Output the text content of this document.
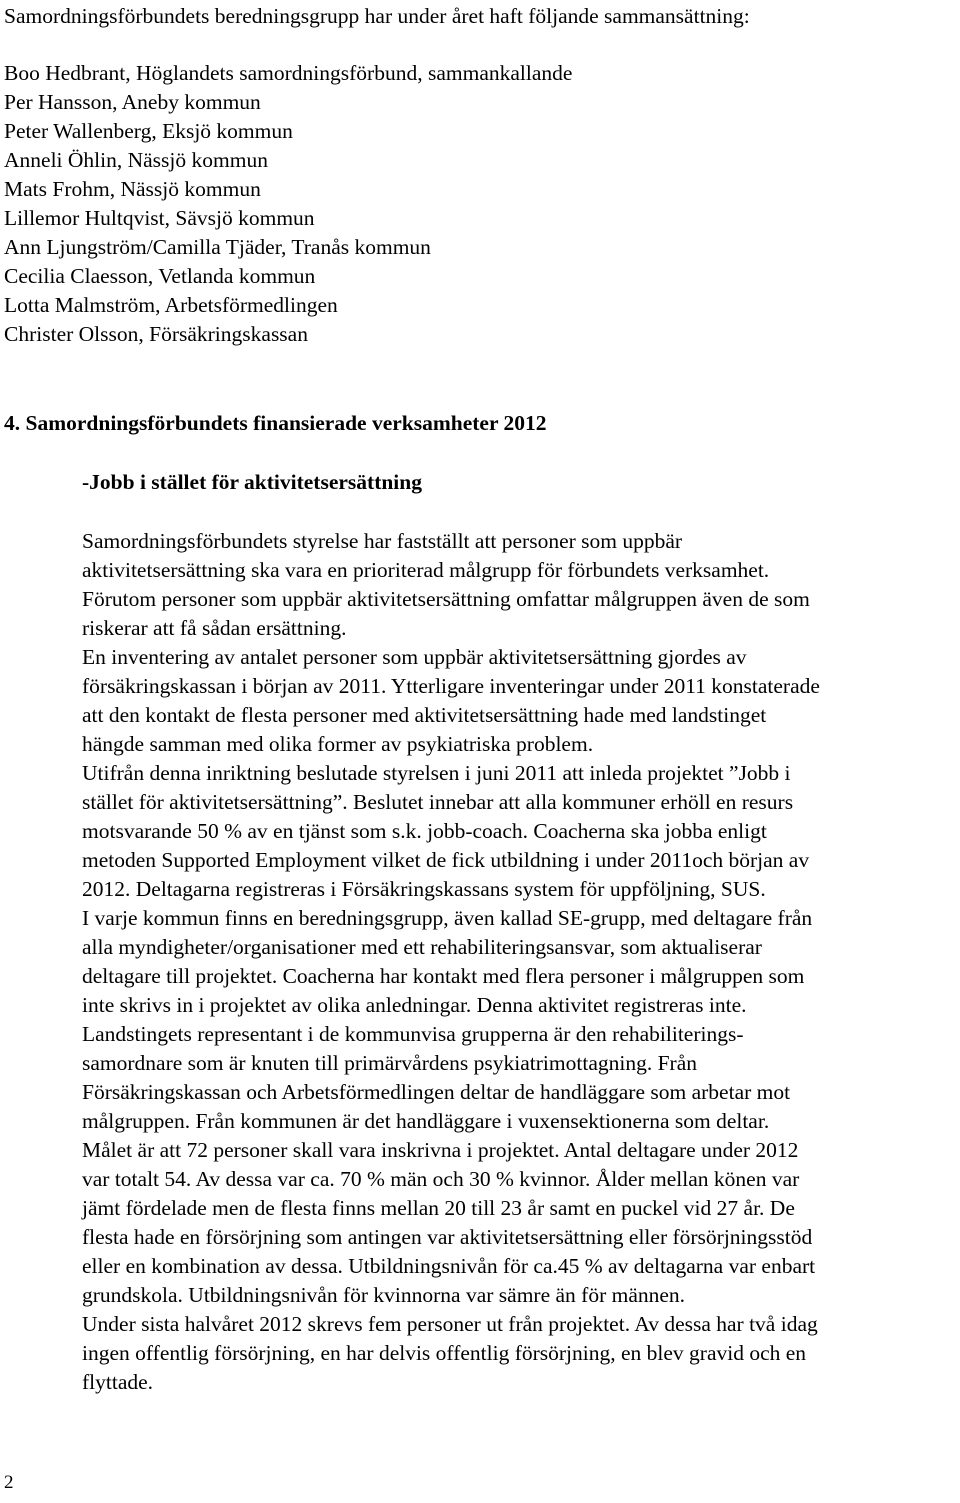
Samordningsförbundets beredningsgrupp har under året haft följande sammansättning:
Boo Hedbrant, Höglandets samordningsförbund, sammankallande
Per Hansson, Aneby kommun
Peter Wallenberg, Eksjö kommun
Anneli Öhlin, Nässjö kommun
Mats Frohm, Nässjö kommun
Lillemor Hultqvist, Sävsjö kommun
Ann Ljungström/Camilla Tjäder, Tranås kommun
Cecilia Claesson, Vetlanda kommun
Lotta Malmström, Arbetsförmedlingen
Christer Olsson, Försäkringskassan
4. Samordningsförbundets finansierade verksamheter 2012
-Jobb i stället för aktivitetsersättning
Samordningsförbundets styrelse har fastställt att personer som uppbär
aktivitetsersättning ska vara en prioriterad målgrupp för förbundets verksamhet.
Förutom personer som uppbär aktivitetsersättning omfattar målgruppen även de som
riskerar att få sådan ersättning.
En inventering av antalet personer som uppbär aktivitetsersättning gjordes av
försäkringskassan i början av 2011. Ytterligare inventeringar under 2011 konstaterade
att den kontakt de flesta personer med aktivitetsersättning hade med landstinget
hängde samman med olika former av psykiatriska problem.
Utifrån denna inriktning beslutade styrelsen i juni 2011 att inleda projektet ”Jobb i
stället för aktivitetsersättning”. Beslutet innebar att alla kommuner erhöll en resurs
motsvarande 50 % av en tjänst som s.k. jobb-coach. Coacherna ska jobba enligt
metoden Supported Employment vilket de fick utbildning i under 2011och början av
2012. Deltagarna registreras i Försäkringskassans system för uppföljning, SUS.
I varje kommun finns en beredningsgrupp, även kallad SE-grupp, med deltagare från
alla myndigheter/organisationer med ett rehabiliteringsansvar, som aktualiserar
deltagare till projektet. Coacherna har kontakt med flera personer i målgruppen som
inte skrivs in i projektet av olika anledningar. Denna aktivitet registreras inte.
Landstingets representant i de kommunvisa grupperna är den rehabiliterings-
samordnare som är knuten till primärvårdens psykiatrimottagning. Från
Försäkringskassan och Arbetsförmedlingen deltar de handläggare som arbetar mot
målgruppen. Från kommunen är det handläggare i vuxensektionerna som deltar.
Målet är att 72 personer skall vara inskrivna i projektet. Antal deltagare under 2012
var totalt 54. Av dessa var ca. 70 % män och 30 % kvinnor. Ålder mellan könen var
jämt fördelade men de flesta finns mellan 20 till 23 år samt en puckel vid 27 år. De
flesta hade en försörjning som antingen var aktivitetsersättning eller försörjningsstöd
eller en kombination av dessa. Utbildningsnivån för ca.45 % av deltagarna var enbart
grundskola. Utbildningsnivån för kvinnorna var sämre än för männen.
Under sista halvåret 2012 skrevs fem personer ut från projektet. Av dessa har två idag
ingen offentlig försörjning, en har delvis offentlig försörjning, en blev gravid och en
flyttade.
2
